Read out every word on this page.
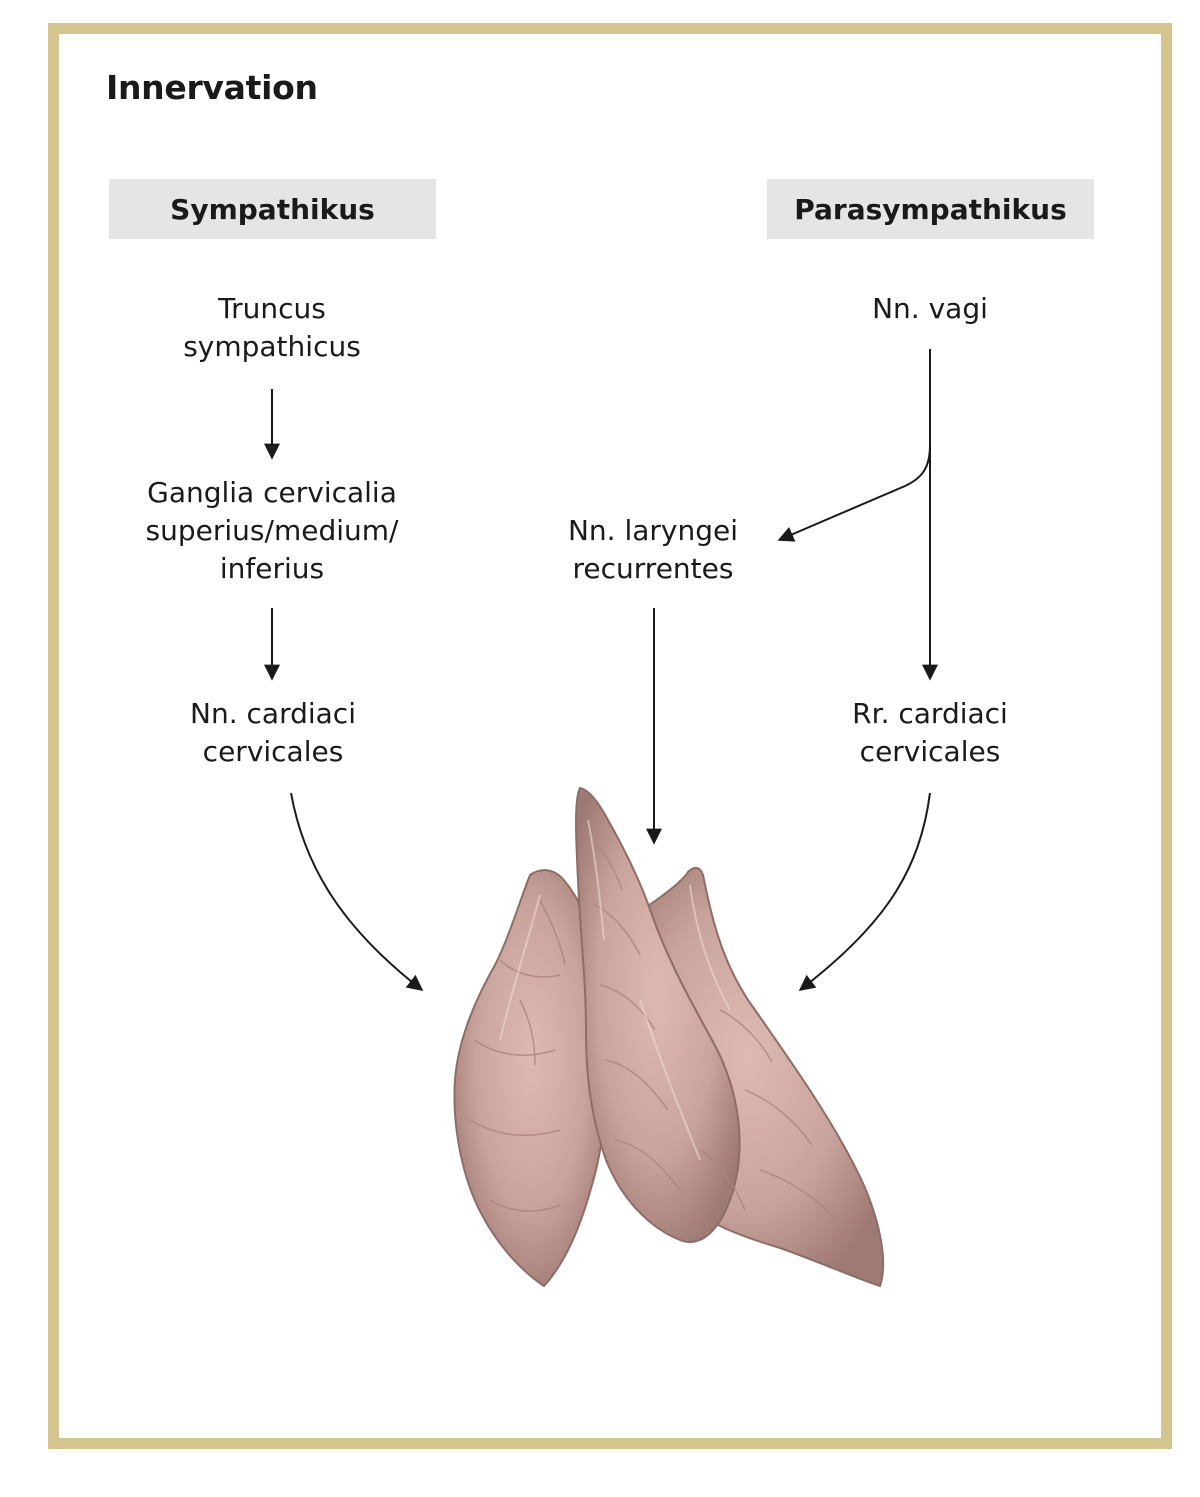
Innervation
Sympathikus	Parasympathikus
Truncus
sympathicus
Ganglia cervicalia
superius/medium/
inferius
Nn. cardiaci
cervicales
Nn. vagi
Nn. laryngei
recurrentes
Rr. cardiaci
cervicales
